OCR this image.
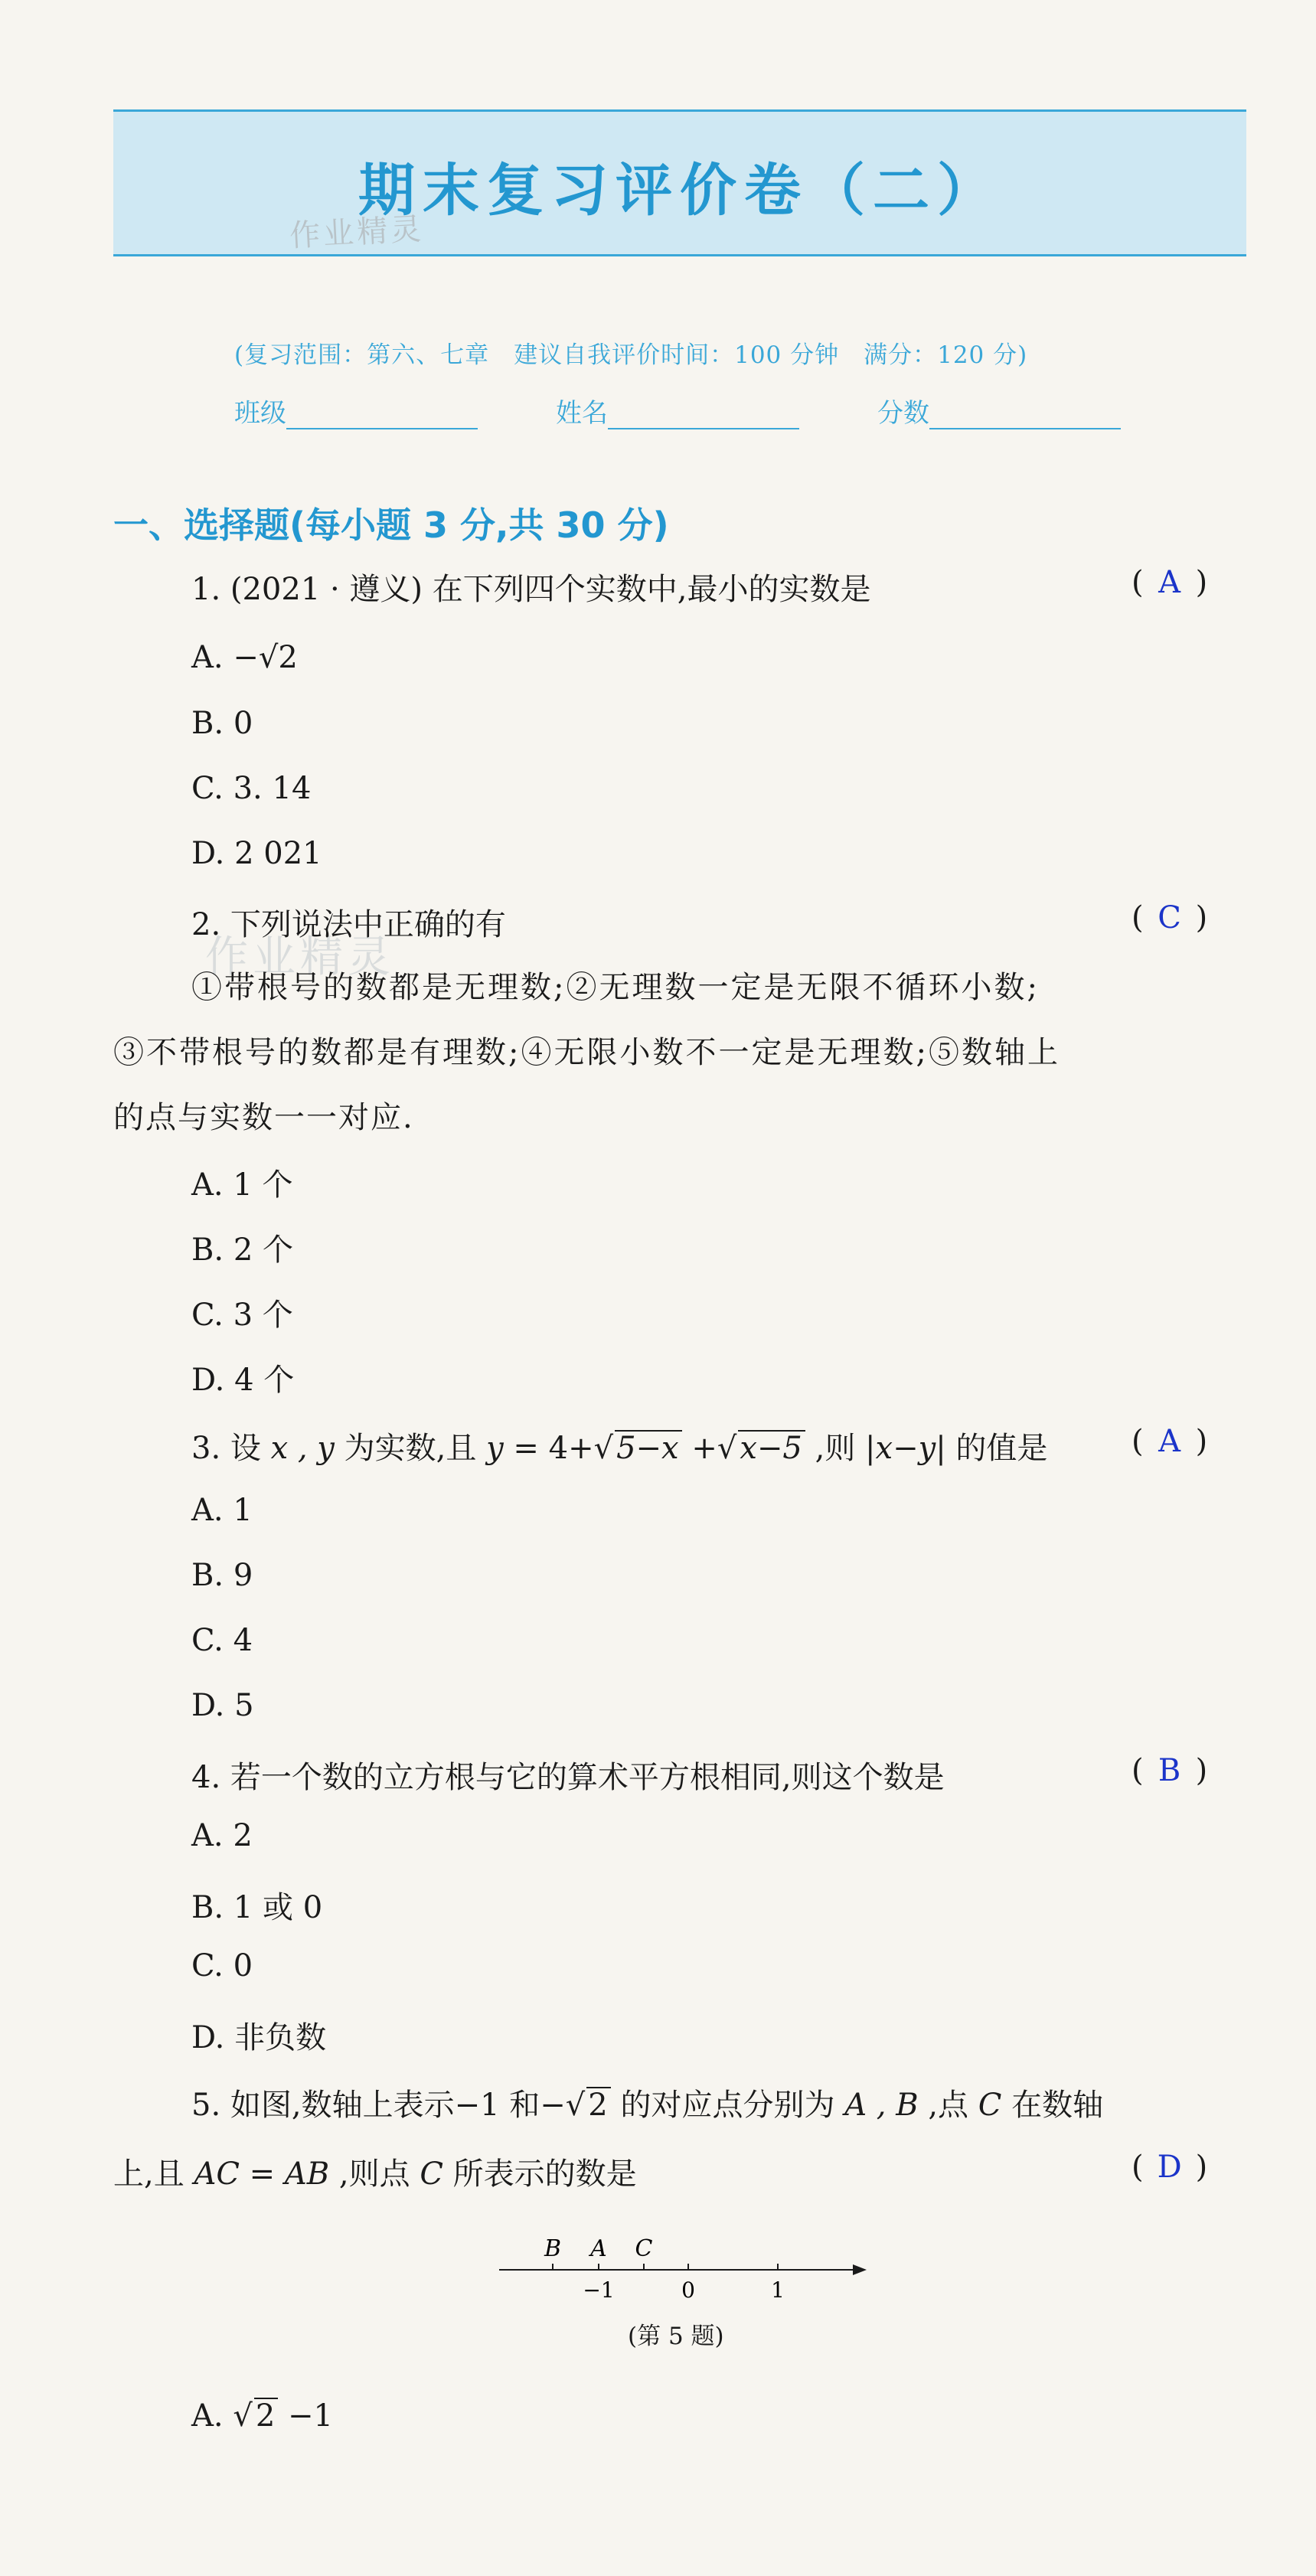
期末复习评价卷（二）
作业精灵
作业精灵
(复习范围：第六、七章　建议自我评价时间：100 分钟　满分：120 分)
班级	姓名	分数
一、选择题(每小题 3 分,共 30 分)
1. (2021 · 遵义) 在下列四个实数中,最小的实数是	( A )
A. −√2
B. 0
C. 3. 14
D. 2 021
2. 下列说法中正确的有	( C )
①带根号的数都是无理数;②无理数一定是无限不循环小数;
③不带根号的数都是有理数;④无限小数不一定是无理数;⑤数轴上
的点与实数一一对应.
A. 1 个
B. 2 个
C. 3 个
D. 4 个
3. 设 x , y 为实数,且 y = 4+√ 5−x +√ x−5 ,则 |x−y| 的值是	( A )
A. 1
B. 9
C. 4
D. 5
4. 若一个数的立方根与它的算术平方根相同,则这个数是	( B )
A. 2
B. 1 或 0
C. 0
D. 非负数
5. 如图,数轴上表示−1 和−√ 2 的对应点分别为 A , B ,点 C 在数轴
上,且 AC = AB ,则点 C 所表示的数是	( D )
B A C
−1	0	1
(第 5 题)
A. √ 2 −1
